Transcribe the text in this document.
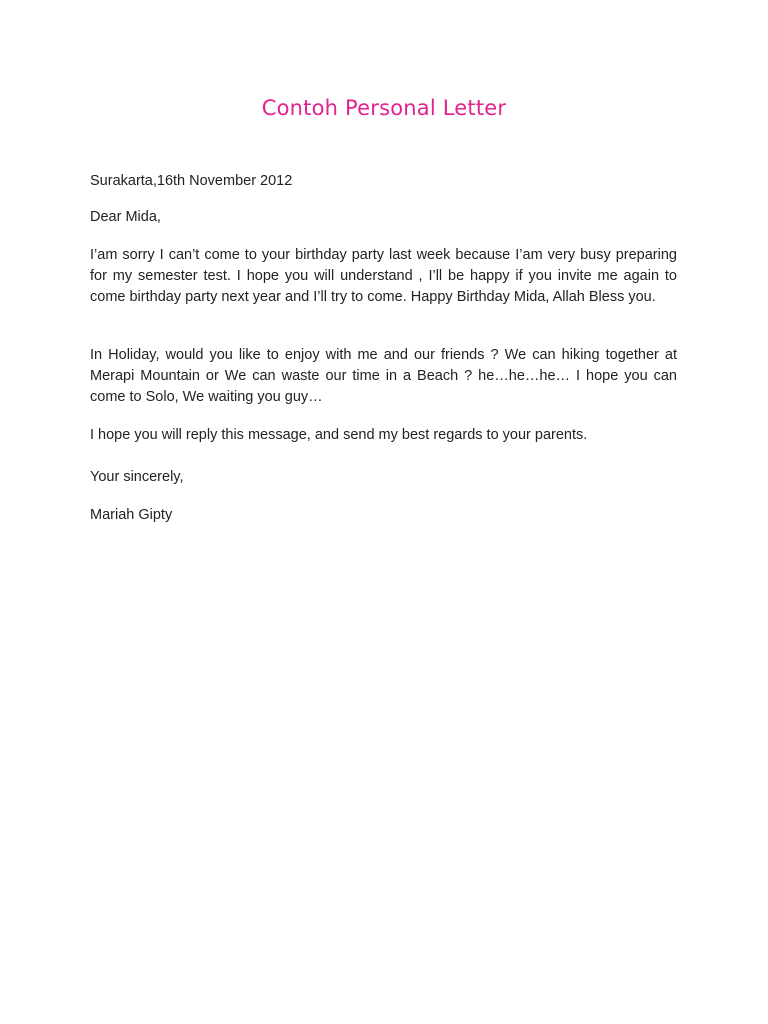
Contoh Personal Letter

Surakarta,16th November 2012

Dear Mida,

I’am sorry I can’t come to your birthday party last week because I’am very busy preparing for my semester test. I hope you will understand , I’ll be happy if you invite me again to come birthday party next year and I’ll try to come. Happy Birthday Mida, Allah Bless you.

In Holiday, would you like to enjoy with me and our friends ? We can hiking together at Merapi Mountain or We can waste our time in a Beach ? he…he…he… I hope you can come to Solo, We waiting you guy…

I hope you will reply this message, and send my best regards to your parents.

Your sincerely,

Mariah Gipty
